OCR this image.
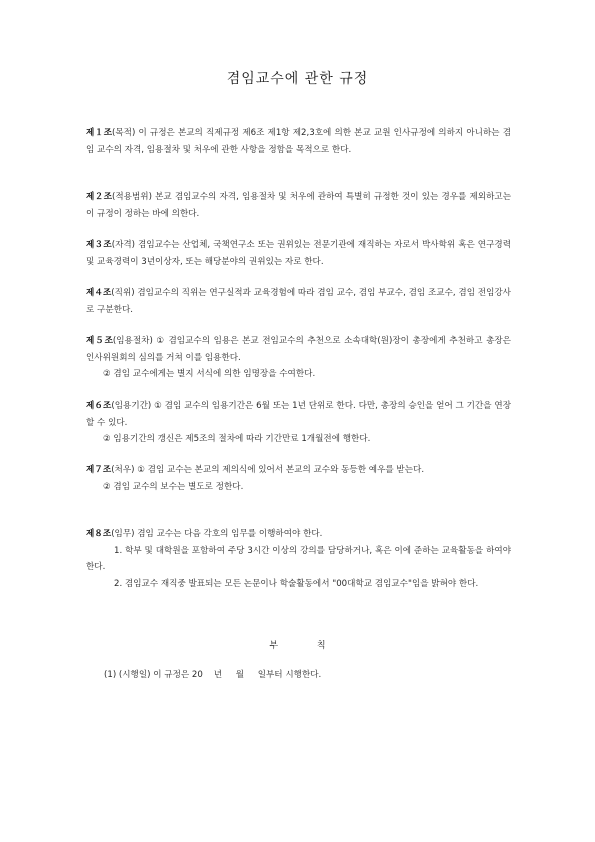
겸임교수에 관한 규정
제１조(목적) 이 규정은 본교의 직제규정 제6조 제1항 제2,3호에 의한 본교 교원 인사규정에 의하지 아니하는 겸임 교수의 자격, 임용절차 및 처우에 관한 사항을 정함을 목적으로 한다.
제２조(적용범위) 본교 겸임교수의 자격, 임용절차 및 처우에 관하여 특별히 규정한 것이 있는 경우를 제외하고는 이 규정이 정하는 바에 의한다.
제３조(자격) 겸임교수는 산업체, 국책연구소 또는 권위있는 전문기관에 재직하는 자로서 박사학위 혹은 연구경력 및 교육경력이 3년이상자, 또는 해당분야의 권위있는 자로 한다.
제４조(직위) 겸임교수의 직위는 연구실적과 교육경험에 따라 겸임 교수, 겸임 부교수, 겸임 조교수, 겸임 전임강사로 구분한다.
제５조(임용절차) ① 겸임교수의 임용은 본교 전임교수의 추천으로 소속대학(원)장이 총장에게 추천하고 총장은 인사위원회의 심의를 거쳐 이를 임용한다.
② 겸임 교수에게는 별지 서식에 의한 임명장을 수여한다.
제６조(임용기간) ① 겸임 교수의 임용기간은 6월 또는 1년 단위로 한다. 다만, 총장의 승인을 얻어 그 기간을 연장할 수 있다.
② 임용기간의 갱신은 제5조의 절차에 따라 기간만료 1개월전에 행한다.
제７조(처우) ① 겸임 교수는 본교의 제의식에 있어서 본교의 교수와 동등한 예우를 받는다.
② 겸임 교수의 보수는 별도로 정한다.
제８조(임무) 겸임 교수는 다음 각호의 임무를 이행하여야 한다.
1. 학부 및 대학원을 포함하여 주당 3시간 이상의 강의를 담당하거나, 혹은 이에 준하는 교육활동을 하여야 한다.
2. 겸임교수 재직중 발표되는 모든 논문이나 학술활동에서 "00대학교 겸임교수"임을 밝혀야 한다.
부 칙
(1) (시행일) 이 규정은 20    년     월     일부터 시행한다.
